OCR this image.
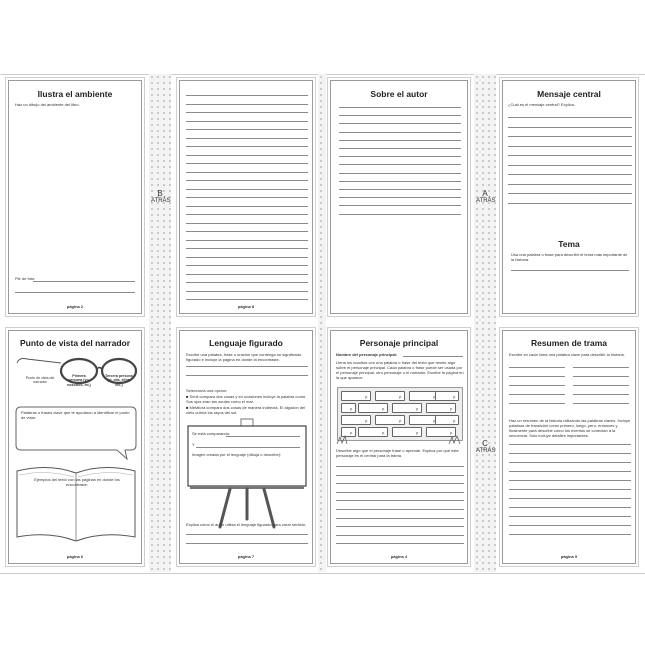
B
ATRÁS
A
ATRÁS
C
ATRÁS
Ilustra el ambiente
Haz un dibujo del ambiente del libro.
Pie de foto:
página 2	página 8
Sobre el autor	Mensaje central
¿Cuál es el mensaje central? Explica.
Tema
Usa una palabra o frase para describir el tema más importante de la historia.
Punto de vista del narrador
Punto de vista del narrador
Primera persona (yo, nosotros, mi,)
Tercera persona (el, ella, ellos, etc.)
Palabras o frases clave que te ayudaron a identificar el punto de vista:
Ejemplos del texto con las páginas en donde los encontraste:
página 6
Lenguaje figurado
Escribe una palabra, frase u oración que contenga un significado figurado e incluye la página en donde la encontraste.
Selecciona una opcion:
■ Símil compara dos cosas y en ocasiones incluye la palabra como. Sus ojos eran tan azules como el mar.
■ Metáfora compara dos cosas de manera indirecta. El algodón del cielo cubría los rayos del sol.
Se está comparando:
Y
Imagen creada por el lenguaje (dibuja o describe):
Explica cómo el autor utiliza el lenguaje figurado para crear sentido.
página 7
Personaje principal
Nombre del personaje principal:
Llena los cuadros con una palabra o frase del texto que revele algo sobre el personaje principal. Cada palabra o frase puede ser usada por el personaje principal, otro personaje o el narrador. Escribe la página en la que aparece.
p.	p.	p.
p.	p.	p.	p.
p.	p.	p.
p.	p.	p.	p.
Describe algo que el personaje frase o aprende. Explica por qué este personaje es el central para la trama.
página 4
Resumen de trama
Escribe en cada línea una palabra clave para describir la historia.
Haz un resumen de la historia utilizando las palabras claves. Incluye palabras de transición como primero, luego, pero, entonces y finalmente para describir cómo los eventos se conectan a la secuencia. Solo incluye detalles importantes.
página 9
